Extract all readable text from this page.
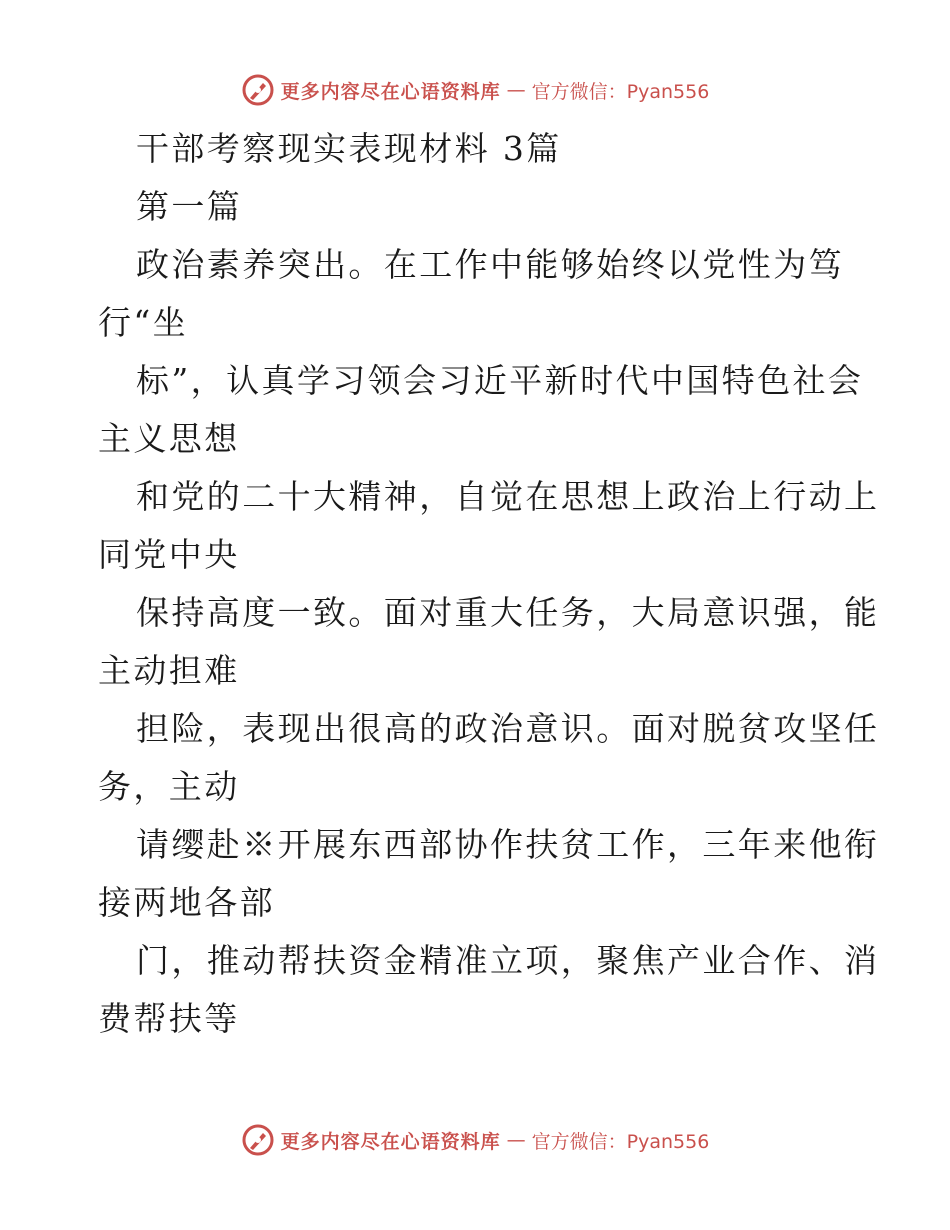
更多内容尽在心语资料库 — 官方微信：Pyan556
干部考察现实表现材料 3篇
第一篇
政治素养突出。在工作中能够始终以党性为笃
行“坐
标”，认真学习领会习近平新时代中国特色社会
主义思想
和党的二十大精神，自觉在思想上政治上行动上
同党中央
保持高度一致。面对重大任务，大局意识强，能
主动担难
担险，表现出很高的政治意识。面对脱贫攻坚任
务，主动
请缨赴※开展东西部协作扶贫工作，三年来他衔
接两地各部
门，推动帮扶资金精准立项，聚焦产业合作、消
费帮扶等
更多内容尽在心语资料库 — 官方微信：Pyan556
